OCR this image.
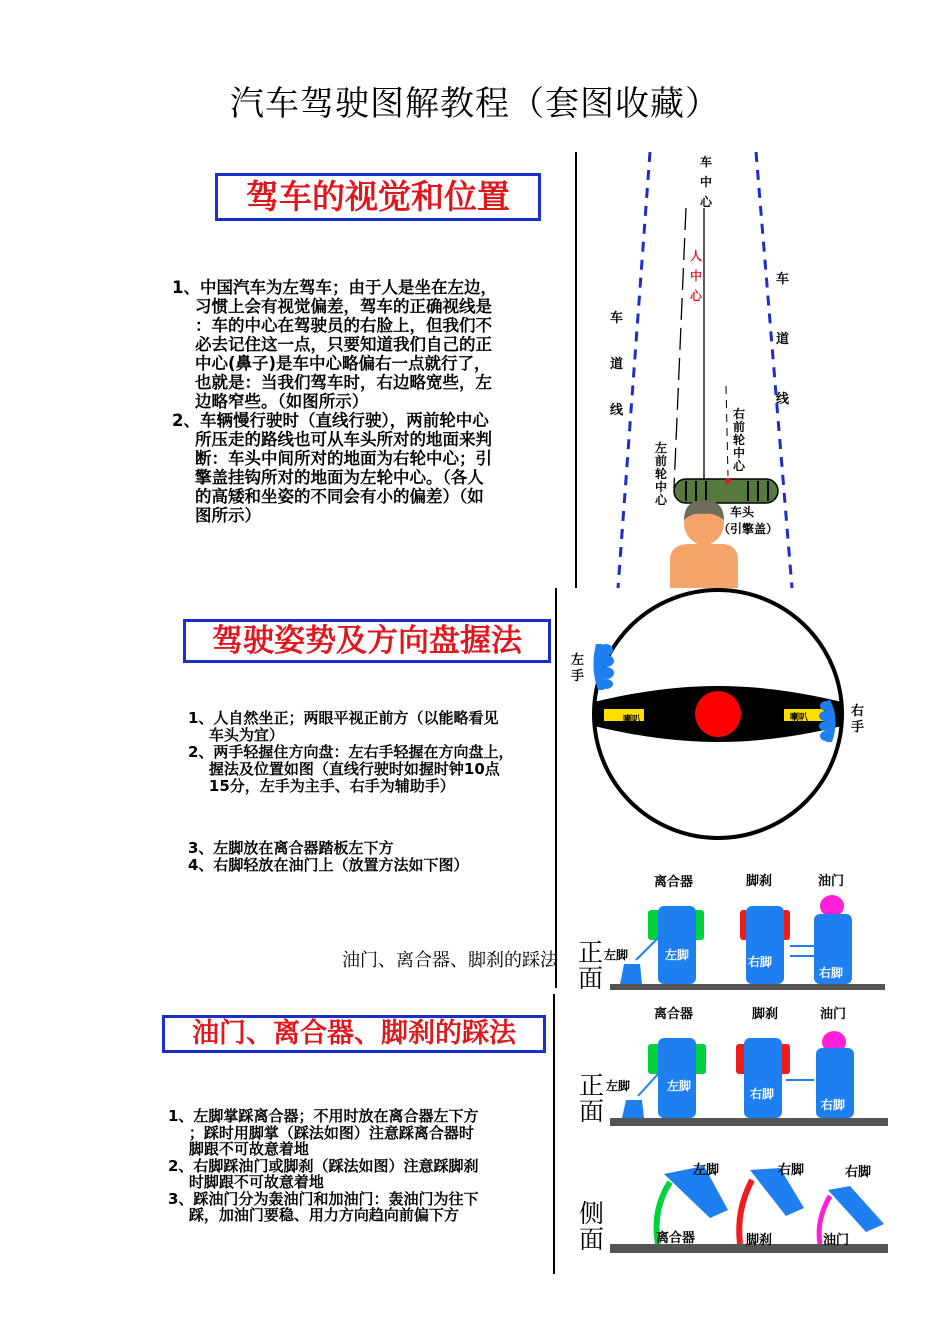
汽车驾驶图解教程（套图收藏）
驾车的视觉和位置
1、中国汽车为左驾车；由于人是坐在左边，
习惯上会有视觉偏差，驾车的正确视线是
：车的中心在驾驶员的右脸上，但我们不
必去记住这一点，只要知道我们自己的正
中心(鼻子)是车中心略偏右一点就行了，
也就是：当我们驾车时，右边略宽些，左
边略窄些。（如图所示）
2、车辆慢行驶时（直线行驶），两前轮中心
所压走的路线也可从车头所对的地面来判
断：车头中间所对的地面为右轮中心；引
擎盖挂钩所对的地面为左轮中心。（各人
的高矮和坐姿的不同会有小的偏差）（如
图所示）
车中心
人中心
车道线
车道线
右前轮中心
左前轮中心
车头
（引擎盖）
驾驶姿势及方向盘握法
1、人自然坐正；两眼平视正前方（以能略看见
车头为宜）
2、两手轻握住方向盘：左右手轻握在方向盘上，
握法及位置如图（直线行驶时如握时钟10点
15分，左手为主手、右手为辅助手）
3、左脚放在离合器踏板左下方
4、右脚轻放在油门上（放置方法如下图）
喇叭	喇叭
左手
右手
离合器	脚刹	油门
左脚
左脚	右脚
右脚
正面
油门、离合器、脚刹的踩法
油门、离合器、脚刹的踩法
1、左脚掌踩离合器；不用时放在离合器左下方
；踩时用脚掌（踩法如图）注意踩离合器时
脚跟不可故意着地
2、右脚踩油门或脚刹（踩法如图）注意踩脚刹
时脚跟不可故意着地
3、踩油门分为轰油门和加油门：轰油门为往下
踩，加油门要稳、用力方向趋向前偏下方
离合器	脚刹	油门
左脚
左脚
右脚
右脚
正面
左脚	右脚	右脚
离合器	脚刹	油门
侧面
